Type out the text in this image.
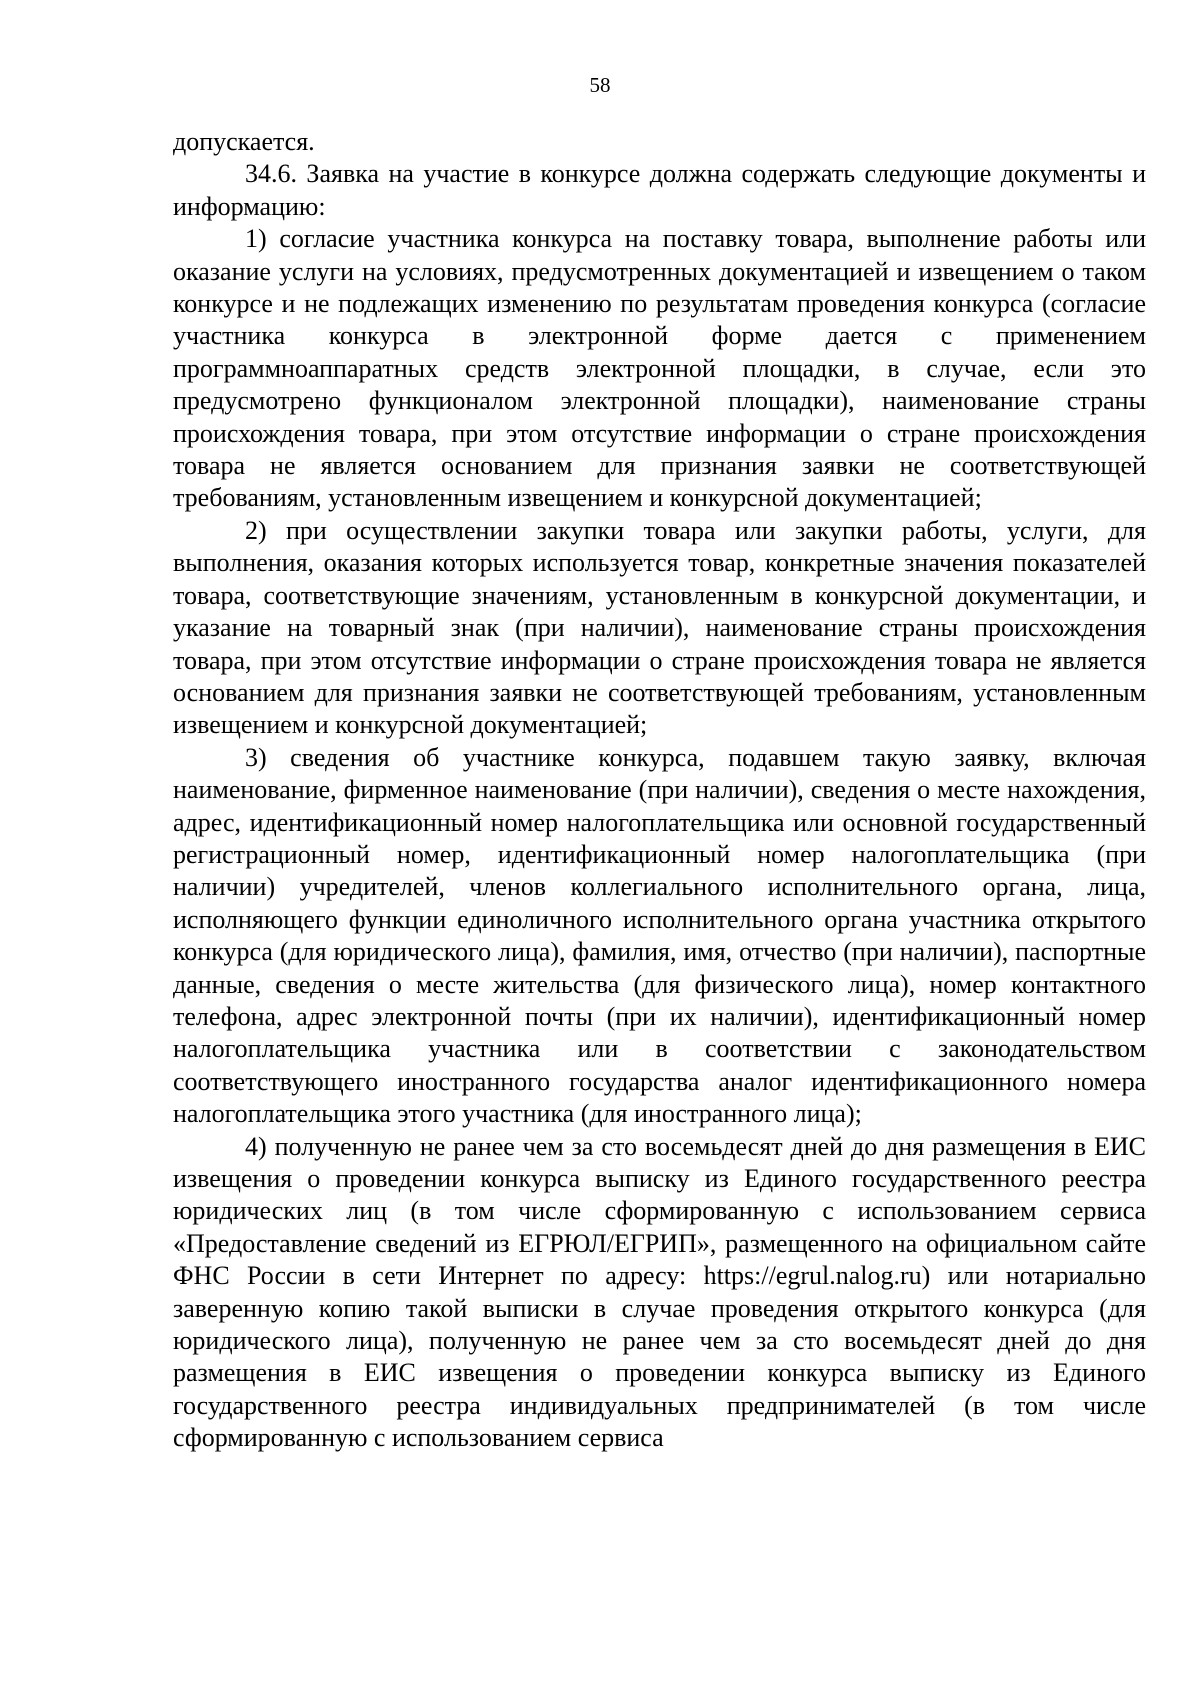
58

допускается.

34.6. Заявка на участие в конкурсе должна содержать следующие документы и информацию:

1) согласие участника конкурса на поставку товара, выполнение работы или оказание услуги на условиях, предусмотренных документацией и извещением о таком конкурсе и не подлежащих изменению по результатам проведения конкурса (согласие участника конкурса в электронной форме дается с применением программноаппаратных средств электронной площадки, в случае, если это предусмотрено функционалом электронной площадки), наименование страны происхождения товара, при этом отсутствие информации о стране происхождения товара не является основанием для признания заявки не соответствующей требованиям, установленным извещением и конкурсной документацией;

2) при осуществлении закупки товара или закупки работы, услуги, для выполнения, оказания которых используется товар, конкретные значения показателей товара, соответствующие значениям, установленным в конкурсной документации, и указание на товарный знак (при наличии), наименование страны происхождения товара, при этом отсутствие информации о стране происхождения товара не является основанием для признания заявки не соответствующей требованиям, установленным извещением и конкурсной документацией;

3) сведения об участнике конкурса, подавшем такую заявку, включая наименование, фирменное наименование (при наличии), сведения о месте нахождения, адрес, идентификационный номер налогоплательщика или основной государственный регистрационный номер, идентификационный номер налогоплательщика (при наличии) учредителей, членов коллегиального исполнительного органа, лица, исполняющего функции единоличного исполнительного органа участника открытого конкурса (для юридического лица), фамилия, имя, отчество (при наличии), паспортные данные, сведения о месте жительства (для физического лица), номер контактного телефона, адрес электронной почты (при их наличии), идентификационный номер налогоплательщика участника или в соответствии с законодательством соответствующего иностранного государства аналог идентификационного номера налогоплательщика этого участника (для иностранного лица);

4) полученную не ранее чем за сто восемьдесят дней до дня размещения в ЕИС извещения о проведении конкурса выписку из Единого государственного реестра юридических лиц (в том числе сформированную с использованием сервиса «Предоставление сведений из ЕГРЮЛ/ЕГРИП», размещенного на официальном сайте ФНС России в сети Интернет по адресу: https://egrul.nalog.ru) или нотариально заверенную копию такой выписки в случае проведения открытого конкурса (для юридического лица), полученную не ранее чем за сто восемьдесят дней до дня размещения в ЕИС извещения о проведении конкурса выписку из Единого государственного реестра индивидуальных предпринимателей (в том числе сформированную с использованием сервиса
